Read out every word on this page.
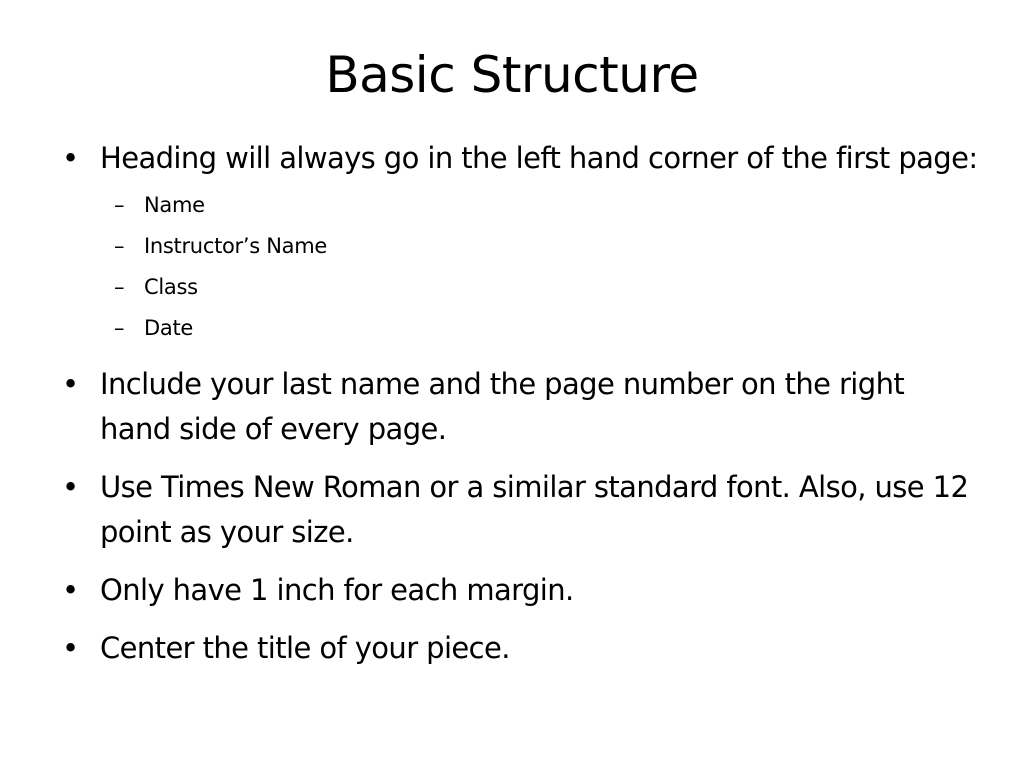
Basic Structure
• Heading will always go in the left hand corner of the first page:
– Name
– Instructor’s Name
– Class
– Date
• Include your last name and the page number on the right hand side of every page.
• Use Times New Roman or a similar standard font. Also, use 12 point as your size.
• Only have 1 inch for each margin.
• Center the title of your piece.
